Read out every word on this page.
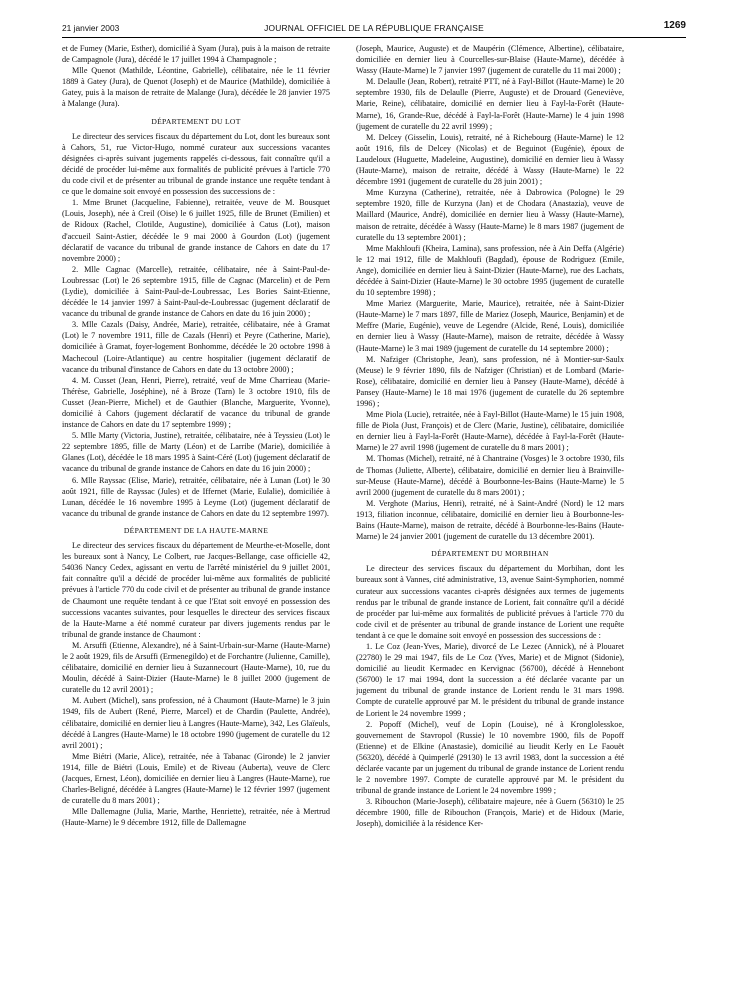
21 janvier 2003	JOURNAL OFFICIEL DE LA RÉPUBLIQUE FRANÇAISE	1269

et de Fumey (Marie, Esther), domicilié à Syam (Jura), puis à la maison de retraite de Campagnole (Jura), décédé le 17 juillet 1994 à Champagnole ;

Mlle Quenot (Mathilde, Léontine, Gabrielle), célibataire, née le 11 février 1889 à Gatey (Jura), de Quenot (Joseph) et de Maurice (Mathilde), domiciliée à Gatey, puis à la maison de retraite de Malange (Jura), décédée le 28 janvier 1975 à Malange (Jura).

DÉPARTEMENT DU LOT

Le directeur des services fiscaux du département du Lot, dont les bureaux sont à Cahors, 51, rue Victor-Hugo, nommé curateur aux successions vacantes désignées ci-après suivant jugements rappelés ci-dessous, fait connaître qu'il a décidé de procéder lui-même aux formalités de publicité prévues à l'article 770 du code civil et de présenter au tribunal de grande instance une requête tendant à ce que le domaine soit envoyé en possession des successions de :

1. Mme Brunet (Jacqueline, Fabienne), retraitée, veuve de M. Bousquet (Louis, Joseph), née à Creil (Oise) le 6 juillet 1925, fille de Brunet (Emilien) et de Ridoux (Rachel, Clotilde, Augustine), domiciliée à Catus (Lot), maison d'accueil Saint-Astier, décédée le 9 mai 2000 à Gourdon (Lot) (jugement déclaratif de vacance du tribunal de grande instance de Cahors en date du 17 novembre 2000) ;

2. Mlle Cagnac (Marcelle), retraitée, célibataire, née à Saint-Paul-de-Loubressac (Lot) le 26 septembre 1915, fille de Cagnac (Marcelin) et de Pern (Lydie), domiciliée à Saint-Paul-de-Loubressac, Les Bories Saint-Etienne, décédée le 14 janvier 1997 à Saint-Paul-de-Loubressac (jugement déclaratif de vacance du tribunal de grande instance de Cahors en date du 16 juin 2000) ;

3. Mlle Cazals (Daisy, Andrée, Marie), retraitée, célibataire, née à Gramat (Lot) le 7 novembre 1911, fille de Cazals (Henri) et Peyre (Catherine, Marie), domiciliée à Gramat, foyer-logement Bonhomme, décédée le 20 octobre 1998 à Machecoul (Loire-Atlantique) au centre hospitalier (jugement déclaratif de vacance du tribunal d'instance de Cahors en date du 13 octobre 2000) ;

4. M. Cusset (Jean, Henri, Pierre), retraité, veuf de Mme Charrieau (Marie-Thérèse, Gabrielle, Joséphine), né à Broze (Tarn) le 3 octobre 1910, fils de Cusset (Jean-Pierre, Michel) et de Gauthier (Blanche, Marguerite, Yvonne), domicilié à Cahors (jugement déclaratif de vacance du tribunal de grande instance de Cahors en date du 17 septembre 1999) ;

5. Mlle Marty (Victoria, Justine), retraitée, célibataire, née à Teyssieu (Lot) le 22 septembre 1895, fille de Marty (Léon) et de Larribe (Marie), domiciliée à Glanes (Lot), décédée le 18 mars 1995 à Saint-Céré (Lot) (jugement déclaratif de vacance du tribunal de grande instance de Cahors en date du 16 juin 2000) ;

6. Mlle Rayssac (Elise, Marie), retraitée, célibataire, née à Lunan (Lot) le 30 août 1921, fille de Rayssac (Jules) et de Iffernet (Marie, Eulalie), domiciliée à Lunan, décédée le 16 novembre 1995 à Leyme (Lot) (jugement déclaratif de vacance du tribunal de grande instance de Cahors en date du 12 septembre 1997).

DÉPARTEMENT DE LA HAUTE-MARNE

Le directeur des services fiscaux du département de Meurthe-et-Moselle, dont les bureaux sont à Nancy, Le Colbert, rue Jacques-Bellange, case officielle 42, 54036 Nancy Cedex, agissant en vertu de l'arrêté ministériel du 9 juillet 2001, fait connaître qu'il a décidé de procéder lui-même aux formalités de publicité prévues à l'article 770 du code civil et de présenter au tribunal de grande instance de Chaumont une requête tendant à ce que l'Etat soit envoyé en possession des successions vacantes suivantes, pour lesquelles le directeur des services fiscaux de la Haute-Marne a été nommé curateur par divers jugements rendus par le tribunal de grande instance de Chaumont :

M. Arsuffi (Etienne, Alexandre), né à Saint-Urbain-sur-Marne (Haute-Marne) le 2 août 1929, fils de Arsuffi (Ermenegildo) et de Forchantre (Julienne, Camille), célibataire, domicilié en dernier lieu à Suzannecourt (Haute-Marne), 10, rue du Moulin, décédé à Saint-Dizier (Haute-Marne) le 8 juillet 2000 (jugement de curatelle du 12 avril 2001) ;

M. Aubert (Michel), sans profession, né à Chaumont (Haute-Marne) le 3 juin 1949, fils de Aubert (René, Pierre, Marcel) et de Chardin (Paulette, Andrée), célibataire, domicilié en dernier lieu à Langres (Haute-Marne), 342, Les Glaïeuls, décédé à Langres (Haute-Marne) le 18 octobre 1990 (jugement de curatelle du 12 avril 2001) ;

Mme Biétri (Marie, Alice), retraitée, née à Tabanac (Gironde) le 2 janvier 1914, fille de Biétri (Louis, Emile) et de Riveau (Auberta), veuve de Clerc (Jacques, Ernest, Léon), domiciliée en dernier lieu à Langres (Haute-Marne), rue Charles-Beligné, décédée à Langres (Haute-Marne) le 12 février 1997 (jugement de curatelle du 8 mars 2001) ;

Mlle Dallemagne (Julia, Marie, Marthe, Henriette), retraitée, née à Mertrud (Haute-Marne) le 9 décembre 1912, fille de Dallemagne

(Joseph, Maurice, Auguste) et de Maupérin (Clémence, Albertine), célibataire, domiciliée en dernier lieu à Courcelles-sur-Blaise (Haute-Marne), décédée à Wassy (Haute-Marne) le 7 janvier 1997 (jugement de curatelle du 11 mai 2000) ;

M. Delaulle (Jean, Robert), retraité PTT, né à Fayl-Billot (Haute-Marne) le 20 septembre 1930, fils de Delaulle (Pierre, Auguste) et de Drouard (Geneviève, Marie, Reine), célibataire, domicilié en dernier lieu à Fayl-la-Forêt (Haute-Marne), 16, Grande-Rue, décédé à Fayl-la-Forêt (Haute-Marne) le 4 juin 1998 (jugement de curatelle du 22 avril 1999) ;

M. Delcey (Gisselin, Louis), retraité, né à Richebourg (Haute-Marne) le 12 août 1916, fils de Delcey (Nicolas) et de Beguinot (Eugénie), époux de Laudeloux (Huguette, Madeleine, Augustine), domicilié en dernier lieu à Wassy (Haute-Marne), maison de retraite, décédé à Wassy (Haute-Marne) le 22 décembre 1991 (jugement de curatelle du 28 juin 2001) ;

Mme Kurzyna (Catherine), retraitée, née à Dabrowica (Pologne) le 29 septembre 1920, fille de Kurzyna (Jan) et de Chodara (Anastazia), veuve de Maillard (Maurice, André), domiciliée en dernier lieu à Wassy (Haute-Marne), maison de retraite, décédée à Wassy (Haute-Marne) le 8 mars 1987 (jugement de curatelle du 13 septembre 2001) ;

Mme Makhloufi (Kheira, Lamina), sans profession, née à Ain Deffa (Algérie) le 12 mai 1912, fille de Makhloufi (Bagdad), épouse de Rodriguez (Emile, Ange), domiciliée en dernier lieu à Saint-Dizier (Haute-Marne), rue des Lachats, décédée à Saint-Dizier (Haute-Marne) le 30 octobre 1995 (jugement de curatelle du 10 septembre 1998) ;

Mme Mariez (Marguerite, Marie, Maurice), retraitée, née à Saint-Dizier (Haute-Marne) le 7 mars 1897, fille de Mariez (Joseph, Maurice, Benjamin) et de Meffre (Marie, Eugénie), veuve de Legendre (Alcide, René, Louis), domiciliée en dernier lieu à Wassy (Haute-Marne), maison de retraite, décédée à Wassy (Haute-Marne) le 3 mai 1989 (jugement de curatelle du 14 septembre 2000) ;

M. Nafziger (Christophe, Jean), sans profession, né à Montier-sur-Saulx (Meuse) le 9 février 1890, fils de Nafziger (Christian) et de Lombard (Marie-Rose), célibataire, domicilié en dernier lieu à Pansey (Haute-Marne), décédé à Pansey (Haute-Marne) le 18 mai 1976 (jugement de curatelle du 26 septembre 1996) ;

Mme Piola (Lucie), retraitée, née à Fayl-Billot (Haute-Marne) le 15 juin 1908, fille de Piola (Just, François) et de Clerc (Marie, Justine), célibataire, domiciliée en dernier lieu à Fayl-la-Forêt (Haute-Marne), décédée à Fayl-la-Forêt (Haute-Marne) le 27 avril 1998 (jugement de curatelle du 8 mars 2001) ;

M. Thomas (Michel), retraité, né à Chantraine (Vosges) le 3 octobre 1930, fils de Thomas (Juliette, Alberte), célibataire, domicilié en dernier lieu à Brainville-sur-Meuse (Haute-Marne), décédé à Bourbonne-les-Bains (Haute-Marne) le 5 avril 2000 (jugement de curatelle du 8 mars 2001) ;

M. Verghote (Marius, Henri), retraité, né à Saint-André (Nord) le 12 mars 1913, filiation inconnue, célibataire, domicilié en dernier lieu à Bourbonne-les-Bains (Haute-Marne), maison de retraite, décédé à Bourbonne-les-Bains (Haute-Marne) le 24 janvier 2001 (jugement de curatelle du 13 décembre 2001).

DÉPARTEMENT DU MORBIHAN

Le directeur des services fiscaux du département du Morbihan, dont les bureaux sont à Vannes, cité administrative, 13, avenue Saint-Symphorien, nommé curateur aux successions vacantes ci-après désignées aux termes de jugements rendus par le tribunal de grande instance de Lorient, fait connaître qu'il a décidé de procéder par lui-même aux formalités de publicité prévues à l'article 770 du code civil et de présenter au tribunal de grande instance de Lorient une requête tendant à ce que le domaine soit envoyé en possession des successions de :

1. Le Coz (Jean-Yves, Marie), divorcé de Le Lezec (Annick), né à Plouaret (22780) le 29 mai 1947, fils de Le Coz (Yves, Marie) et de Mignot (Sidonie), domicilié au lieudit Kermadec en Kervignac (56700), décédé à Hennebont (56700) le 17 mai 1994, dont la succession a été déclarée vacante par un jugement du tribunal de grande instance de Lorient rendu le 31 mars 1998. Compte de curatelle approuvé par M. le président du tribunal de grande instance de Lorient le 24 novembre 1999 ;

2. Popoff (Michel), veuf de Lopin (Louise), né à Kronglolesskoe, gouvernement de Stavropol (Russie) le 10 novembre 1900, fils de Popoff (Etienne) et de Elkine (Anastasie), domicilié au lieudit Kerly en Le Faouët (56320), décédé à Quimperlé (29130) le 13 avril 1983, dont la succession a été déclarée vacante par un jugement du tribunal de grande instance de Lorient rendu le 2 novembre 1997. Compte de curatelle approuvé par M. le président du tribunal de grande instance de Lorient le 24 novembre 1999 ;

3. Ribouchon (Marie-Joseph), célibataire majeure, née à Guern (56310) le 25 décembre 1900, fille de Ribouchon (François, Marie) et de Hidoux (Marie, Joseph), domiciliée à la résidence Ker-
